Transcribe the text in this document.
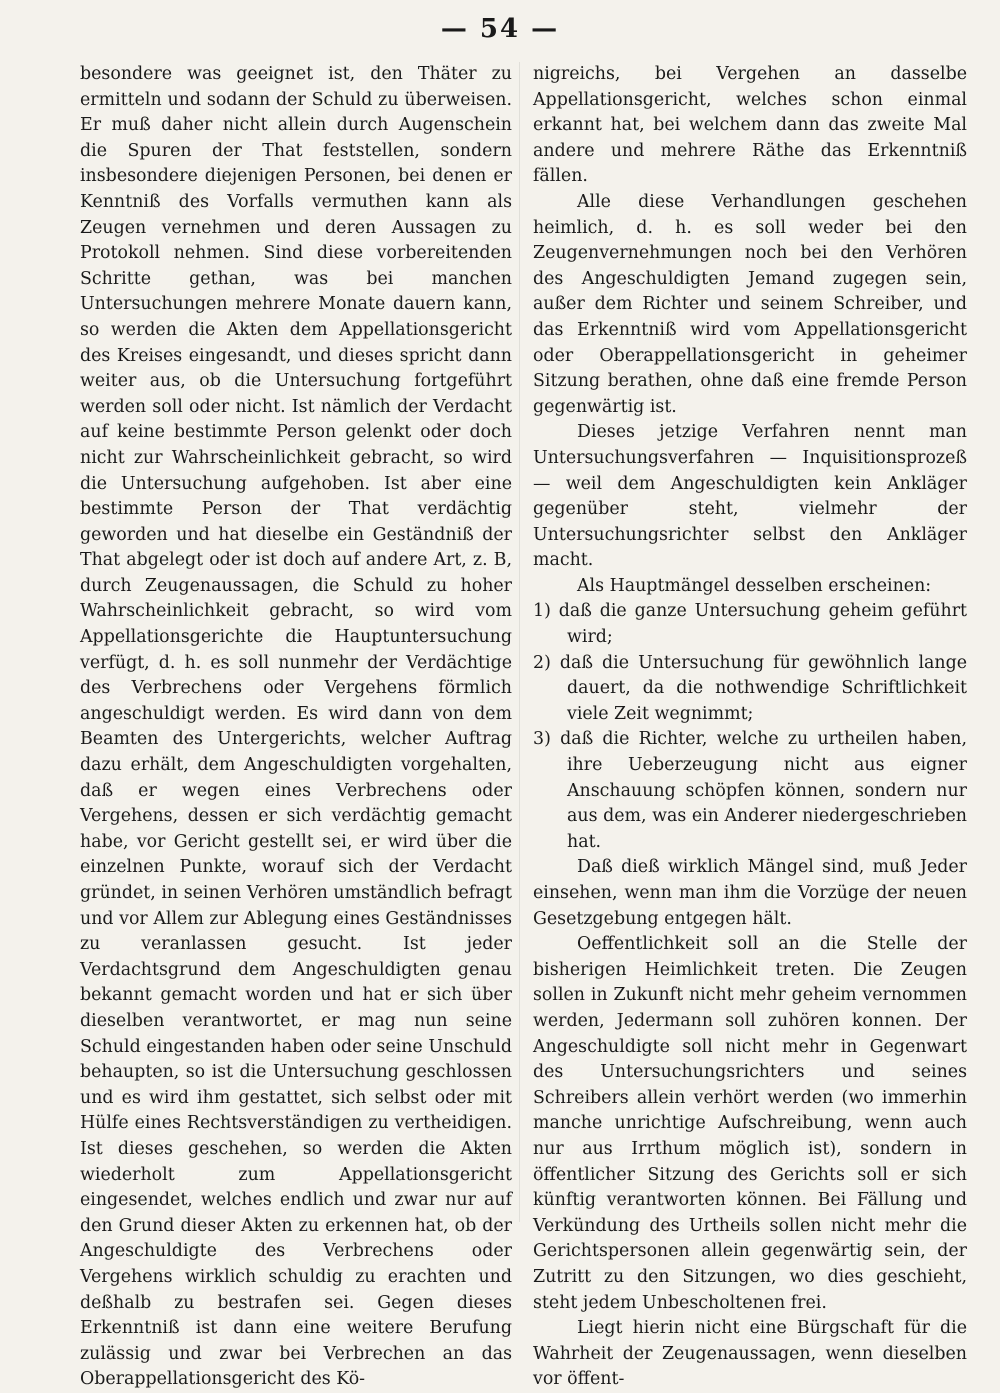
— 54 —

besondere was geeignet ist, den Thäter zu ermitteln und sodann der Schuld zu überweisen. Er muß daher nicht allein durch Augenschein die Spuren der That feststellen, sondern insbesondere diejenigen Personen, bei denen er Kenntniß des Vorfalls vermuthen kann als Zeugen vernehmen und deren Aussagen zu Protokoll nehmen. Sind diese vorbereitenden Schritte gethan, was bei manchen Untersuchungen mehrere Monate dauern kann, so werden die Akten dem Appellationsgericht des Kreises eingesandt, und dieses spricht dann weiter aus, ob die Untersuchung fortgeführt werden soll oder nicht. Ist nämlich der Verdacht auf keine bestimmte Person gelenkt oder doch nicht zur Wahrscheinlichkeit gebracht, so wird die Untersuchung aufgehoben. Ist aber eine bestimmte Person der That verdächtig geworden und hat dieselbe ein Geständniß der That abgelegt oder ist doch auf andere Art, z. B, durch Zeugenaussagen, die Schuld zu hoher Wahrscheinlichkeit gebracht, so wird vom Appellationsgerichte die Hauptuntersuchung verfügt, d. h. es soll nunmehr der Verdächtige des Verbrechens oder Vergehens förmlich angeschuldigt werden. Es wird dann von dem Beamten des Untergerichts, welcher Auftrag dazu erhält, dem Angeschuldigten vorgehalten, daß er wegen eines Verbrechens oder Vergehens, dessen er sich verdächtig gemacht habe, vor Gericht gestellt sei, er wird über die einzelnen Punkte, worauf sich der Verdacht gründet, in seinen Verhören umständlich befragt und vor Allem zur Ablegung eines Geständnisses zu veranlassen gesucht. Ist jeder Verdachtsgrund dem Angeschuldigten genau bekannt gemacht worden und hat er sich über dieselben verantwortet, er mag nun seine Schuld eingestanden haben oder seine Unschuld behaupten, so ist die Untersuchung geschlossen und es wird ihm gestattet, sich selbst oder mit Hülfe eines Rechtsverständigen zu vertheidigen. Ist dieses geschehen, so werden die Akten wiederholt zum Appellationsgericht eingesendet, welches endlich und zwar nur auf den Grund dieser Akten zu erkennen hat, ob der Angeschuldigte des Verbrechens oder Vergehens wirklich schuldig zu erachten und deßhalb zu bestrafen sei. Gegen dieses Erkenntniß ist dann eine weitere Berufung zulässig und zwar bei Verbrechen an das Oberappellationsgericht des Kö-

nigreichs, bei Vergehen an dasselbe Appellationsgericht, welches schon einmal erkannt hat, bei welchem dann das zweite Mal andere und mehrere Räthe das Erkenntniß fällen.

Alle diese Verhandlungen geschehen heimlich, d. h. es soll weder bei den Zeugenvernehmungen noch bei den Verhören des Angeschuldigten Jemand zugegen sein, außer dem Richter und seinem Schreiber, und das Erkenntniß wird vom Appellationsgericht oder Oberappellationsgericht in geheimer Sitzung berathen, ohne daß eine fremde Person gegenwärtig ist.

Dieses jetzige Verfahren nennt man Untersuchungsverfahren — Inquisitionsprozeß — weil dem Angeschuldigten kein Ankläger gegenüber steht, vielmehr der Untersuchungsrichter selbst den Ankläger macht.

Als Hauptmängel desselben erscheinen:

1) daß die ganze Untersuchung geheim geführt wird;

2) daß die Untersuchung für gewöhnlich lange dauert, da die nothwendige Schriftlichkeit viele Zeit wegnimmt;

3) daß die Richter, welche zu urtheilen haben, ihre Ueberzeugung nicht aus eigner Anschauung schöpfen können, sondern nur aus dem, was ein Anderer niedergeschrieben hat.

Daß dieß wirklich Mängel sind, muß Jeder einsehen, wenn man ihm die Vorzüge der neuen Gesetzgebung entgegen hält.

Oeffentlichkeit soll an die Stelle der bisherigen Heimlichkeit treten. Die Zeugen sollen in Zukunft nicht mehr geheim vernommen werden, Jedermann soll zuhören konnen. Der Angeschuldigte soll nicht mehr in Gegenwart des Untersuchungsrichters und seines Schreibers allein verhört werden (wo immerhin manche unrichtige Aufschreibung, wenn auch nur aus Irrthum möglich ist), sondern in öffentlicher Sitzung des Gerichts soll er sich künftig verantworten können. Bei Fällung und Verkündung des Urtheils sollen nicht mehr die Gerichtspersonen allein gegenwärtig sein, der Zutritt zu den Sitzungen, wo dies geschieht, steht jedem Unbescholtenen frei.

Liegt hierin nicht eine Bürgschaft für die Wahrheit der Zeugenaussagen, wenn dieselben vor öffent-
